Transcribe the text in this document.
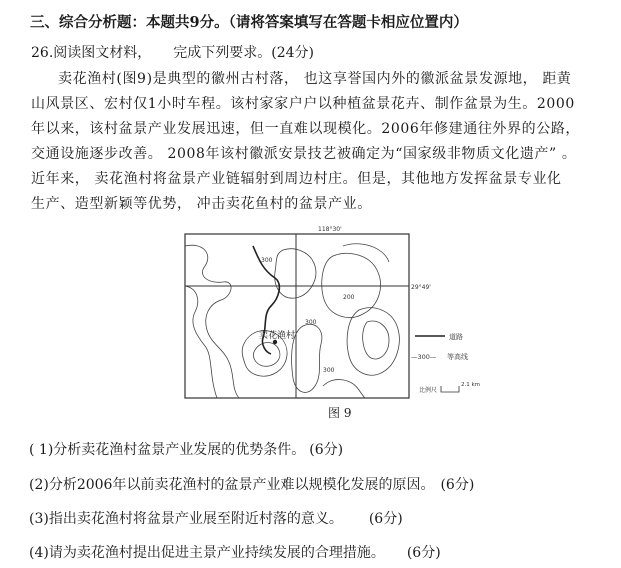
三、综合分析题：本题共9分。（请将答案填写在答题卡相应位置内）
26.阅读图文材料， 完成下列要求。(24分)
卖花渔村(图9)是典型的徽州古村落， 也这享誉国内外的徽派盆景发源地， 距黄
山风景区、宏村仅1小时车程。该村家家户户以种植盆景花卉、制作盆景为生。2000
年以来，该村盆景产业发展迅速，但一直难以现模化。2006年修建通往外界的公路，
交通设施逐步改善。 2008年该村徽派安景技艺被确定为“国家级非物质文化遗产” 。
近年来， 卖花渔村将盆景产业链辐射到周边村庄。但是，其他地方发挥盆景专业化
生产、造型新颖等优势， 冲击卖花鱼村的盆景产业。
118°30'
29°49'
300
200
300
300
卖花渔村	道路
—300— 等高线
比例尺
2.1 km
图 9
( 1)分析卖花渔村盆景产业发展的优势条件。 (6分)
(2)分析2006年以前卖花渔村的盆景产业难以规模化发展的原因。 (6分)
(3)指出卖花渔村将盆景产业展至附近村落的意义。 (6分)
(4)请为卖花渔村提出促进主景产业持续发展的合理措施。 (6分)
